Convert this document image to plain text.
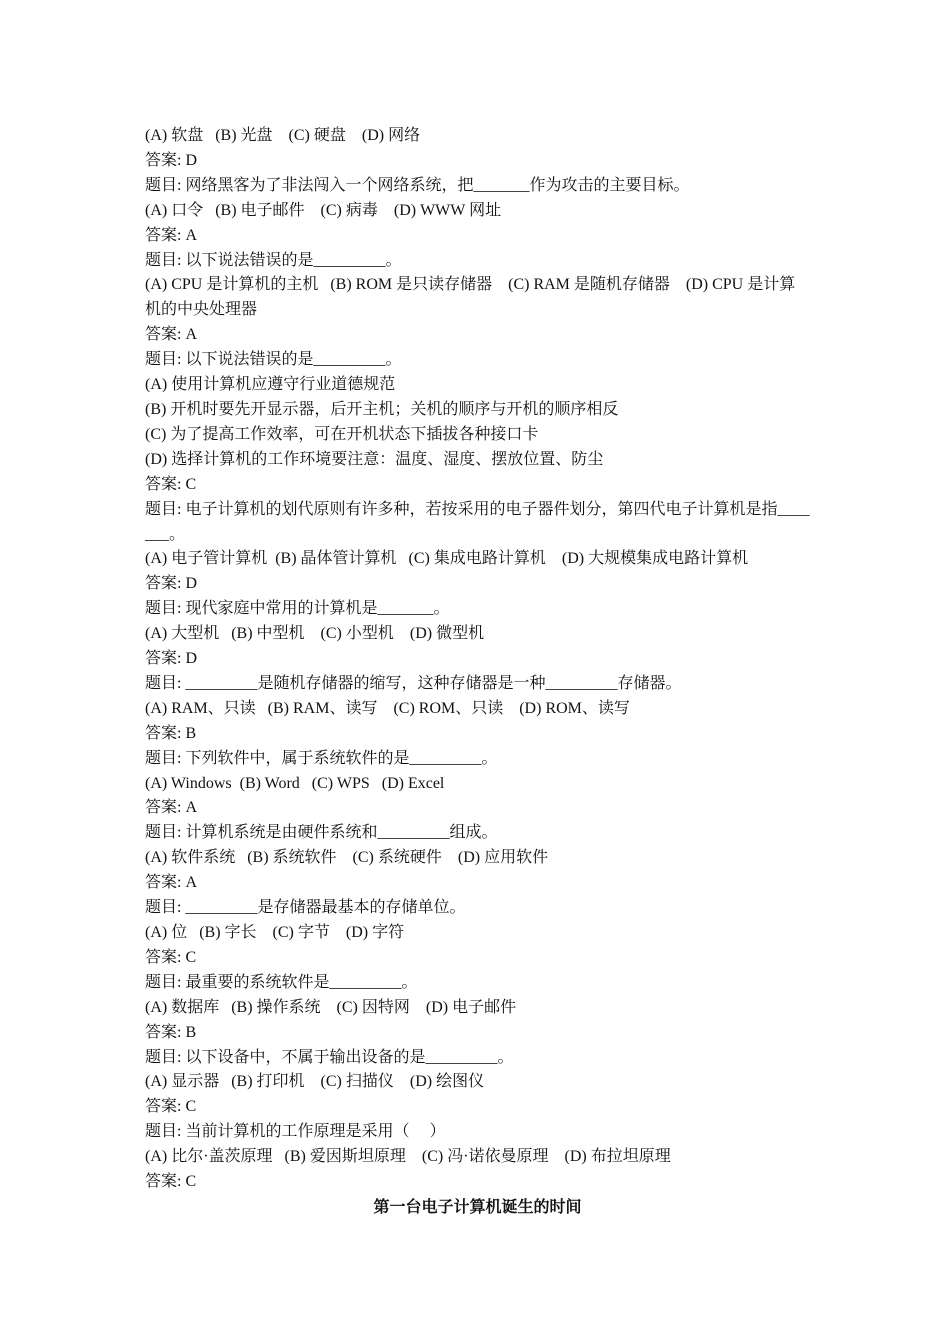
(A) 软盘   (B) 光盘    (C) 硬盘    (D) 网络
答案: D
题目: 网络黑客为了非法闯入一个网络系统，把_______作为攻击的主要目标。
(A) 口令   (B) 电子邮件    (C) 病毒    (D) WWW 网址
答案: A
题目: 以下说法错误的是_________。
(A) CPU 是计算机的主机   (B) ROM 是只读存储器    (C) RAM 是随机存储器    (D) CPU 是计算机的中央处理器
答案: A
题目: 以下说法错误的是_________。
(A) 使用计算机应遵守行业道德规范
(B) 开机时要先开显示器，后开主机；关机的顺序与开机的顺序相反
(C) 为了提高工作效率，可在开机状态下插拔各种接口卡
(D) 选择计算机的工作环境要注意：温度、湿度、摆放位置、防尘
答案: C
题目: 电子计算机的划代原则有许多种，若按采用的电子器件划分，第四代电子计算机是指_______。
(A) 电子管计算机  (B) 晶体管计算机   (C) 集成电路计算机    (D) 大规模集成电路计算机
答案: D
题目: 现代家庭中常用的计算机是_______。
(A) 大型机   (B) 中型机    (C) 小型机    (D) 微型机
答案: D
题目: _________是随机存储器的缩写，这种存储器是一种_________存储器。
(A) RAM、只读   (B) RAM、读写    (C) ROM、只读    (D) ROM、读写
答案: B
题目: 下列软件中，属于系统软件的是_________。
(A) Windows  (B) Word   (C) WPS   (D) Excel
答案: A
题目: 计算机系统是由硬件系统和_________组成。
(A) 软件系统   (B) 系统软件    (C) 系统硬件    (D) 应用软件
答案: A
题目: _________是存储器最基本的存储单位。
(A) 位   (B) 字长    (C) 字节    (D) 字符
答案: C
题目: 最重要的系统软件是_________。
(A) 数据库   (B) 操作系统    (C) 因特网    (D) 电子邮件
答案: B
题目: 以下设备中，不属于输出设备的是_________。
(A) 显示器   (B) 打印机    (C) 扫描仪    (D) 绘图仪
答案: C
题目: 当前计算机的工作原理是采用（     ）
(A) 比尔·盖茨原理   (B) 爱因斯坦原理    (C) 冯·诺依曼原理    (D) 布拉坦原理
答案: C
第一台电子计算机诞生的时间
